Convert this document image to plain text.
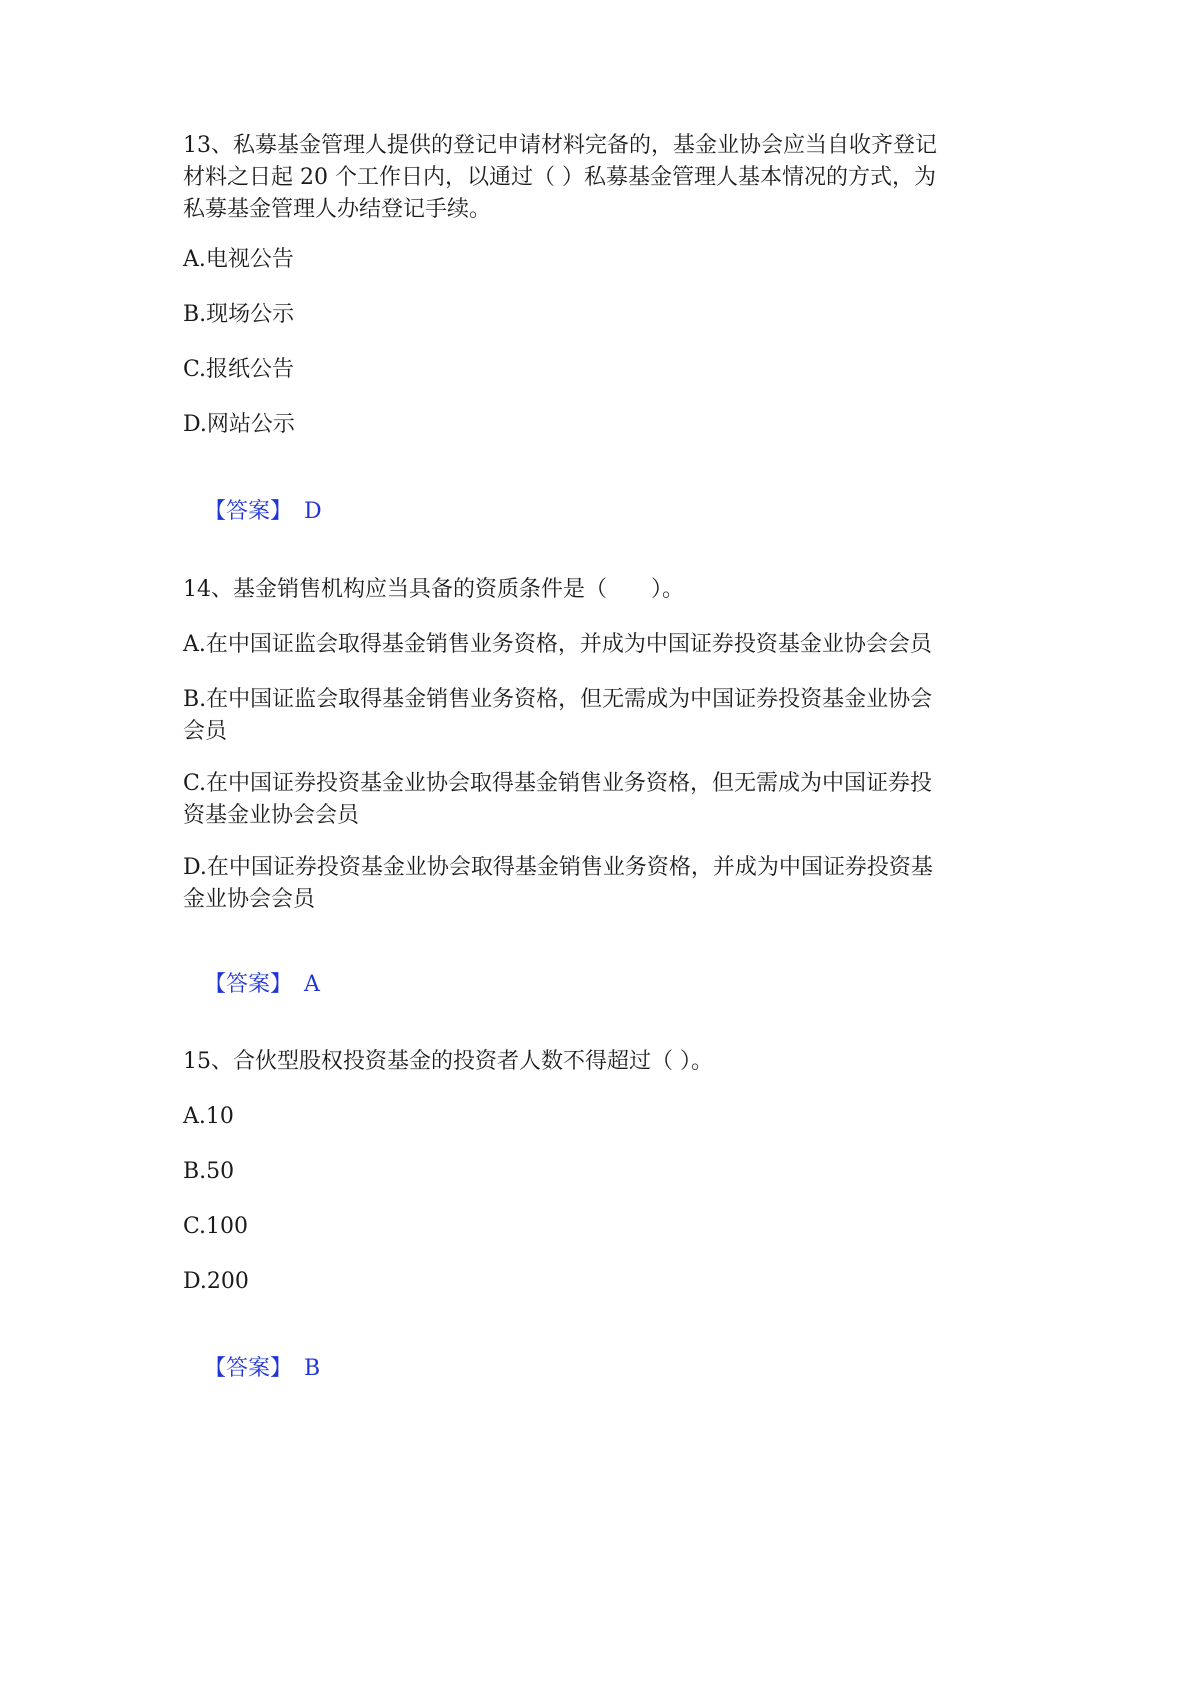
13、私募基金管理人提供的登记申请材料完备的，基金业协会应当自收齐登记
材料之日起 20 个工作日内，以通过（ ）私募基金管理人基本情况的方式，为
私募基金管理人办结登记手续。

A.电视公告

B.现场公示

C.报纸公告

D.网站公示

【答案】 D

14、基金销售机构应当具备的资质条件是（　　）。

A.在中国证监会取得基金销售业务资格，并成为中国证券投资基金业协会会员

B.在中国证监会取得基金销售业务资格，但无需成为中国证券投资基金业协会
会员

C.在中国证券投资基金业协会取得基金销售业务资格，但无需成为中国证券投
资基金业协会会员

D.在中国证券投资基金业协会取得基金销售业务资格，并成为中国证券投资基
金业协会会员

【答案】 A

15、合伙型股权投资基金的投资者人数不得超过（ ）。

A.10

B.50

C.100

D.200

【答案】 B
